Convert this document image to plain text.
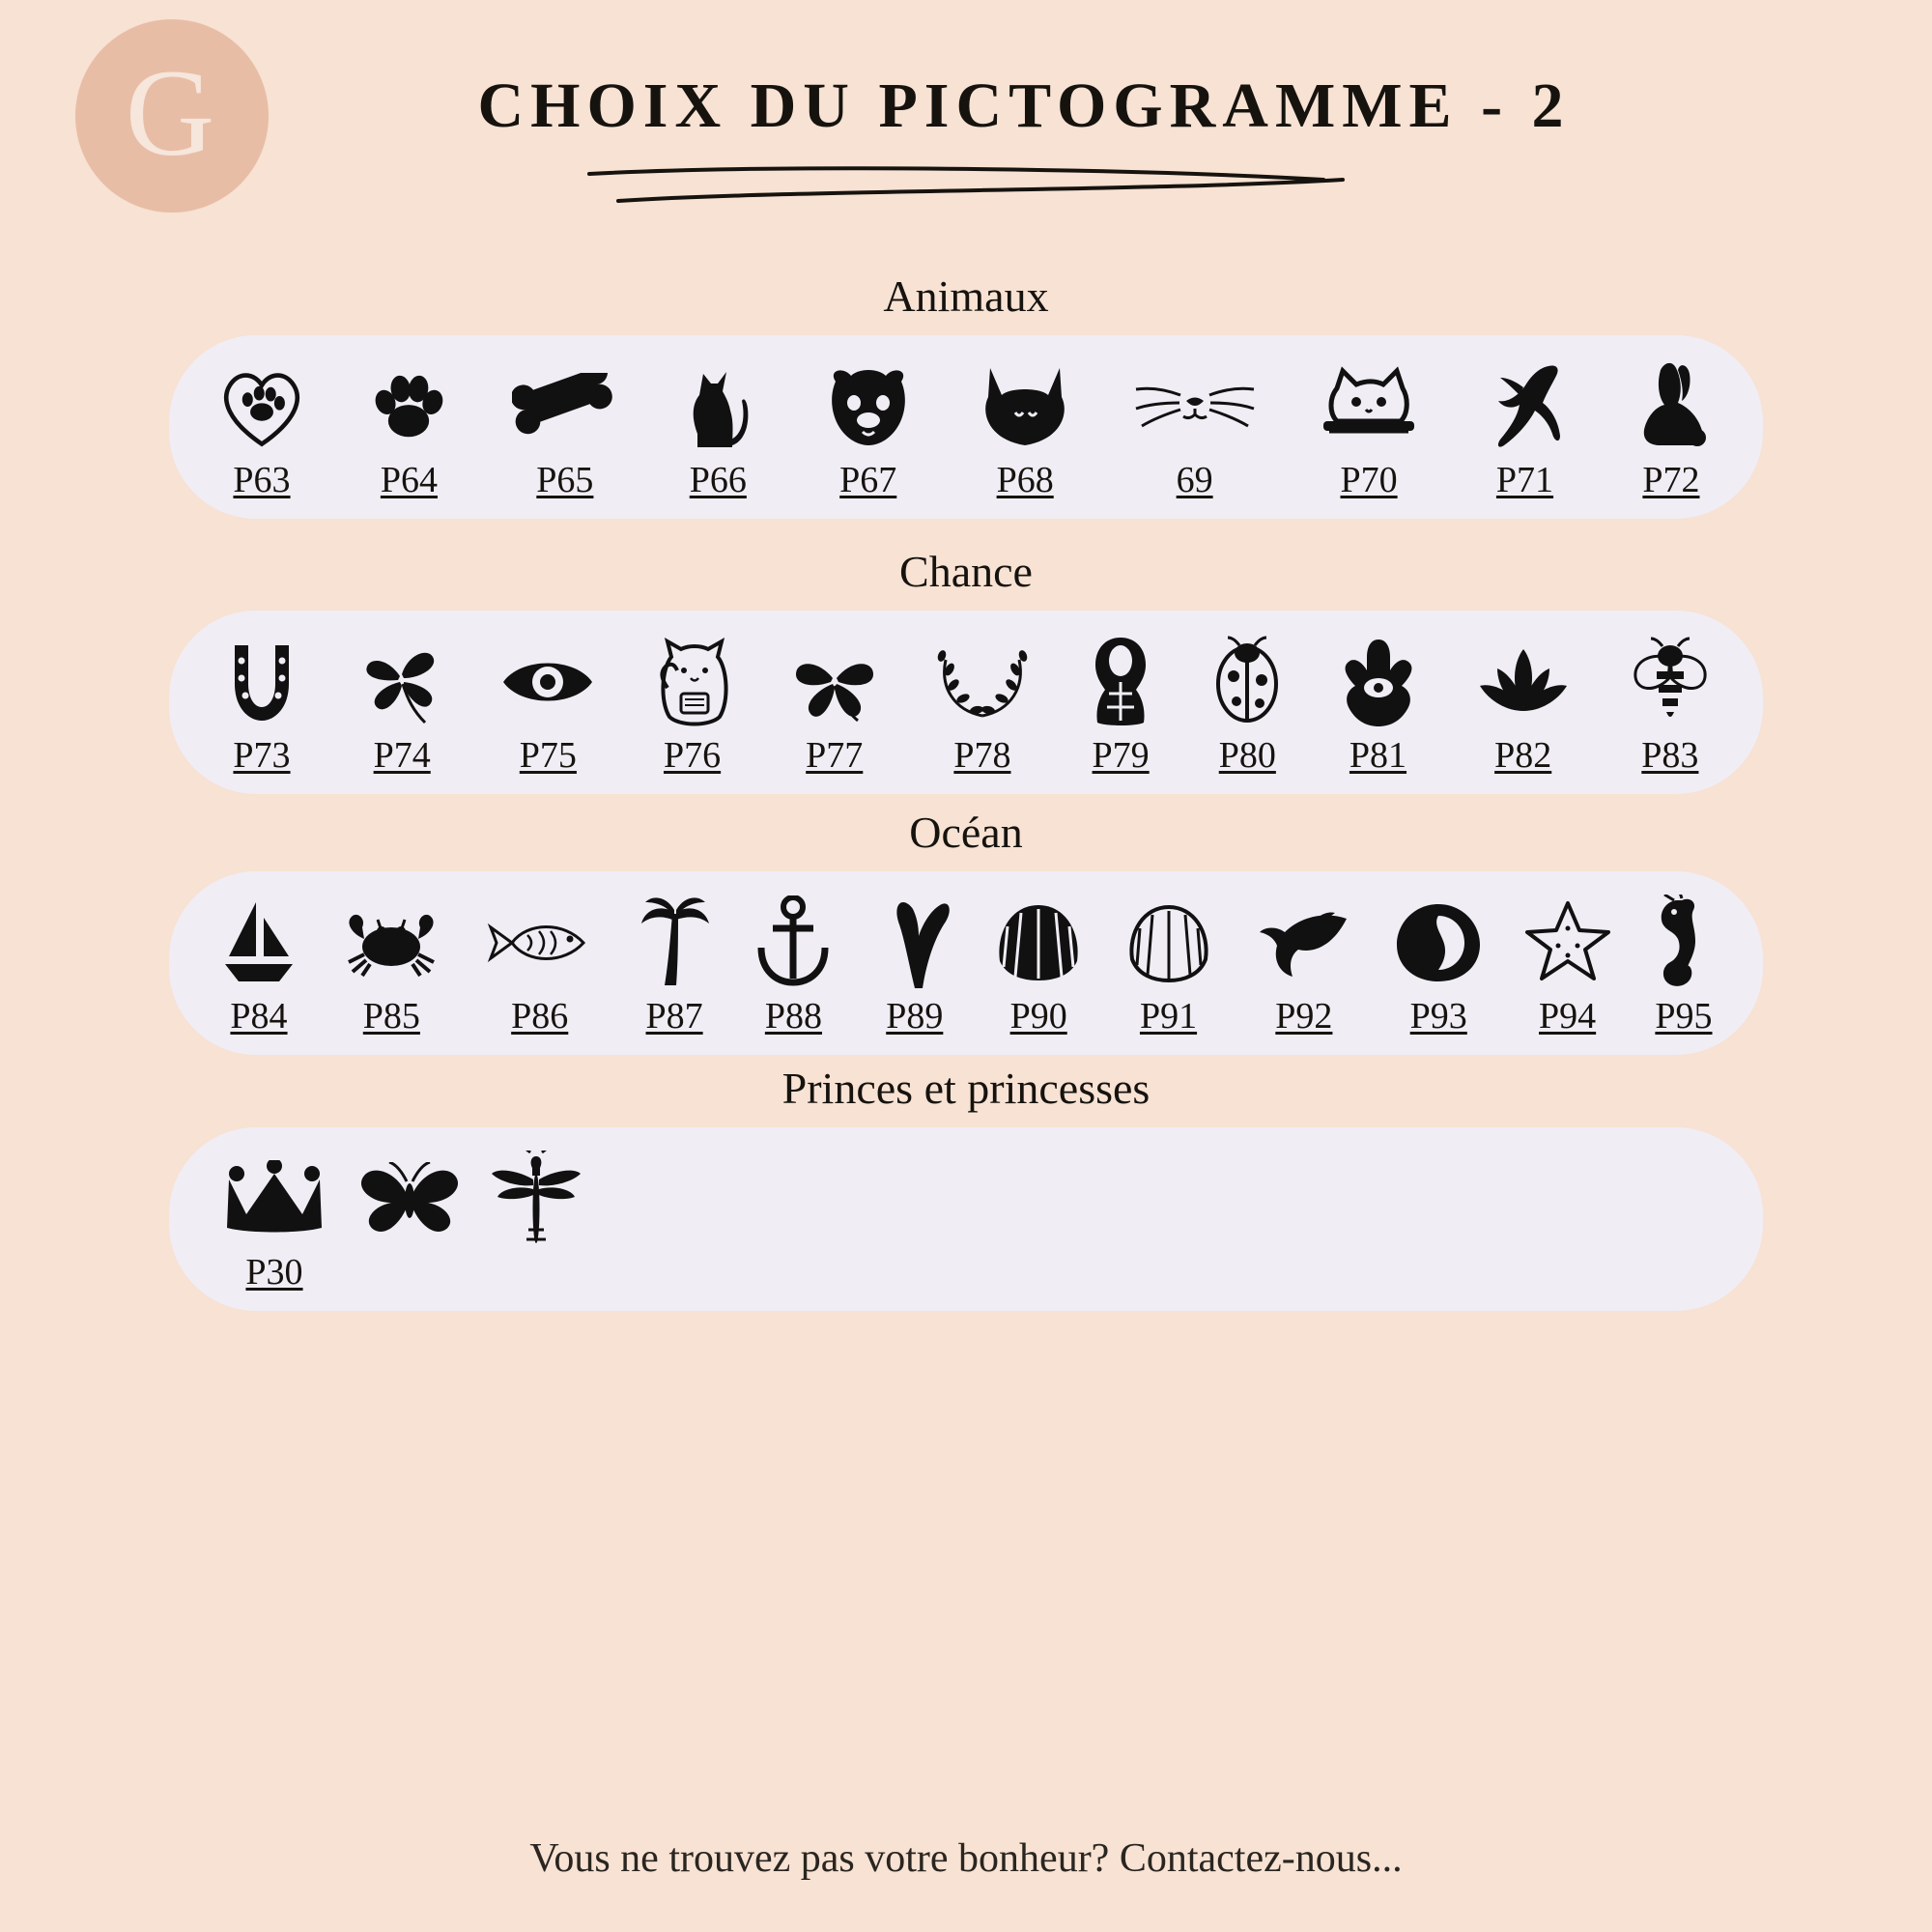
G	CHOIX DU PICTOGRAMME - 2
Animaux
P63 P64	P65	P66	P67	P68	69	P70	P71 P72
Chance
P73 P74 P75 P76 P77 P78 P79 P80 P81 P82 P83
Océan
P84 P85 P86 P87 P88 P89 P90 P91 P92 P93 P94 P95
Princes et princesses
P30
Vous ne trouvez pas votre bonheur? Contactez-nous...
